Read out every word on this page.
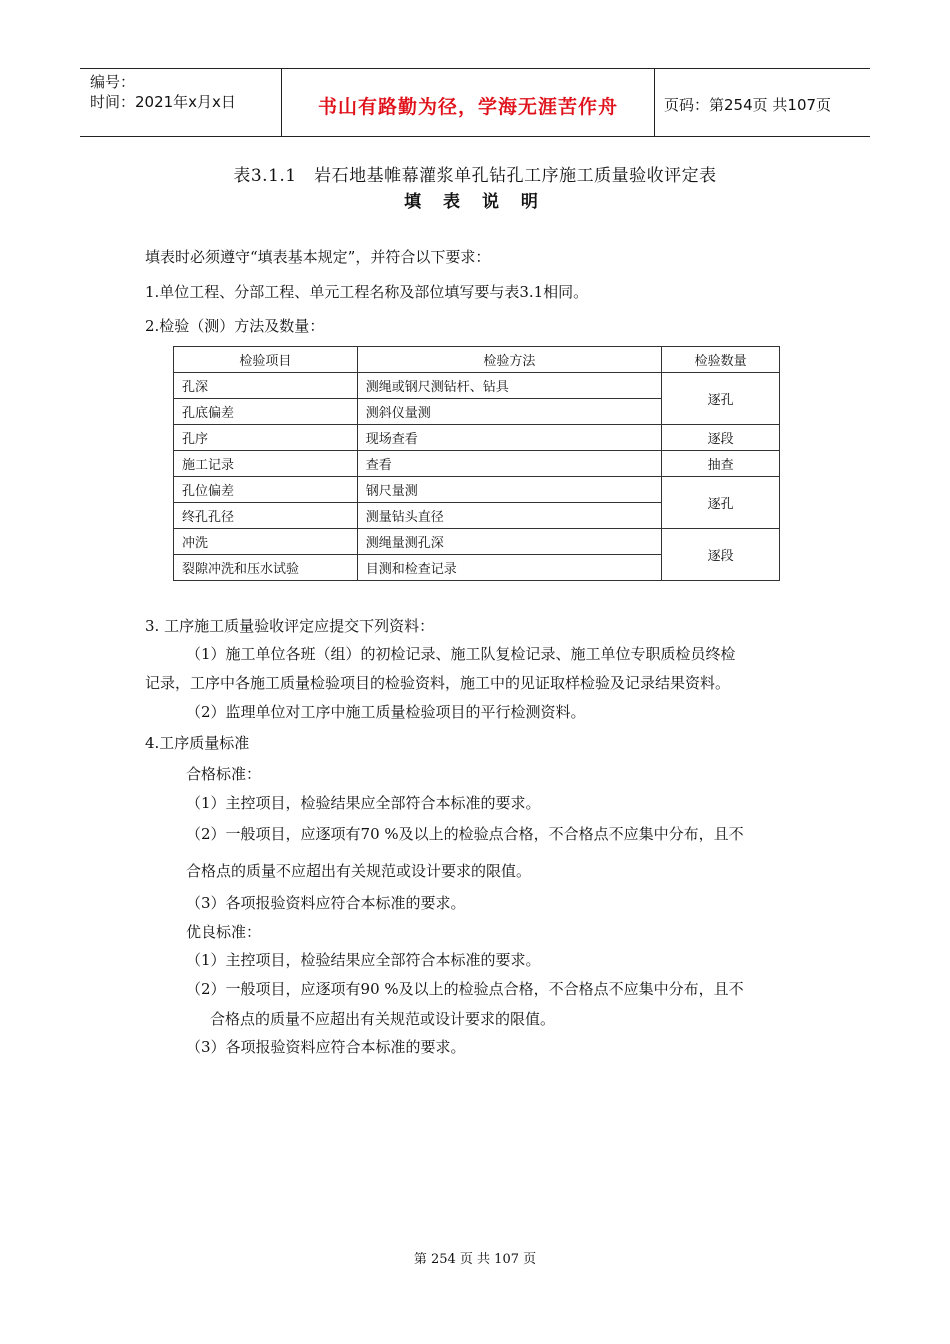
编号：
时间：2021年x月x日	书山有路勤为径，学海无涯苦作舟	页码：第254页 共107页
表3.1.1　岩石地基帷幕灌浆单孔钻孔工序施工质量验收评定表
填 表 说 明
填表时必须遵守“填表基本规定”，并符合以下要求：
1.单位工程、分部工程、单元工程名称及部位填写要与表3.1相同。
2.检验（测）方法及数量：
检验项目	检验方法	检验数量
孔深	测绳或钢尺测钻杆、钻具	逐孔
孔底偏差	测斜仪量测	
孔序	现场查看	逐段
施工记录	查看	抽查
孔位偏差	钢尺量测	逐孔
终孔孔径	测量钻头直径	
冲洗	测绳量测孔深	逐段
裂隙冲洗和压水试验	目测和检查记录	
3. 工序施工质量验收评定应提交下列资料：
（1）施工单位各班（组）的初检记录、施工队复检记录、施工单位专职质检员终检
记录，工序中各施工质量检验项目的检验资料，施工中的见证取样检验及记录结果资料。
（2）监理单位对工序中施工质量检验项目的平行检测资料。
4.工序质量标准
合格标准：
（1）主控项目，检验结果应全部符合本标准的要求。
（2）一般项目，应逐项有70 %及以上的检验点合格，不合格点不应集中分布，且不
合格点的质量不应超出有关规范或设计要求的限值。
（3）各项报验资料应符合本标准的要求。
优良标准：
（1）主控项目，检验结果应全部符合本标准的要求。
（2）一般项目，应逐项有90 %及以上的检验点合格，不合格点不应集中分布，且不
合格点的质量不应超出有关规范或设计要求的限值。
（3）各项报验资料应符合本标准的要求。
第 254 页 共 107 页
